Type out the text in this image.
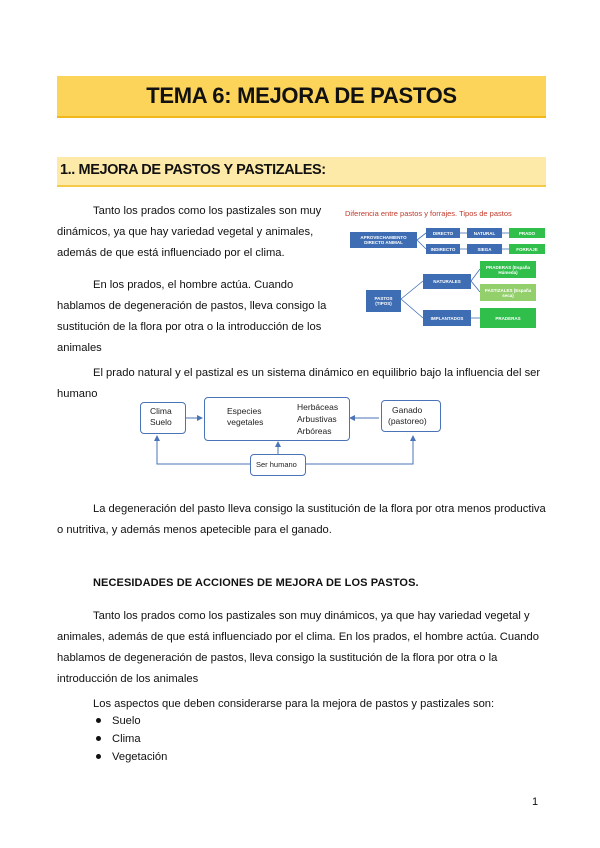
TEMA 6: MEJORA DE PASTOS
1.. MEJORA DE PASTOS Y PASTIZALES:
Tanto los prados como los pastizales son muy
dinámicos, ya que hay variedad vegetal y animales,
además de que está influenciado por el clima.
En los prados, el hombre actúa. Cuando
hablamos de degeneración de pastos, lleva consigo la
sustitución de la flora por otra o la introducción de los
animales
Diferencia entre pastos y forrajes. Tipos de pastos
APROVECHAMIENTO DIRECTO ANIMAL
DIRECTO
INDIRECTO
NATURAL
SIEGA
PRADO
FORRAJE
PASTOS (TIPOS)
NATURALES
IMPLANTADOS
PRADERAS (España Húmeda)
PASTIZALES (España seca)
PRADERAS
El prado natural y el pastizal es un sistema dinámico en equilibrio bajo la influencia del ser
humano
Clima
Suelo
Especies vegetales
Herbáceas
Arbustivas
Arbóreas
Ganado
(pastoreo)
Ser humano
La degeneración del pasto lleva consigo la sustitución de la flora por otra menos productiva
o nutritiva, y además menos apetecible para el ganado.
NECESIDADES DE ACCIONES DE MEJORA DE LOS PASTOS.
Tanto los prados como los pastizales son muy dinámicos, ya que hay variedad vegetal y
animales, además de que está influenciado por el clima. En los prados, el hombre actúa. Cuando
hablamos de degeneración de pastos, lleva consigo la sustitución de la flora por otra o la
introducción de los animales
Los aspectos que deben considerarse para la mejora de pastos y pastizales son:
Suelo
Clima
Vegetación
1
